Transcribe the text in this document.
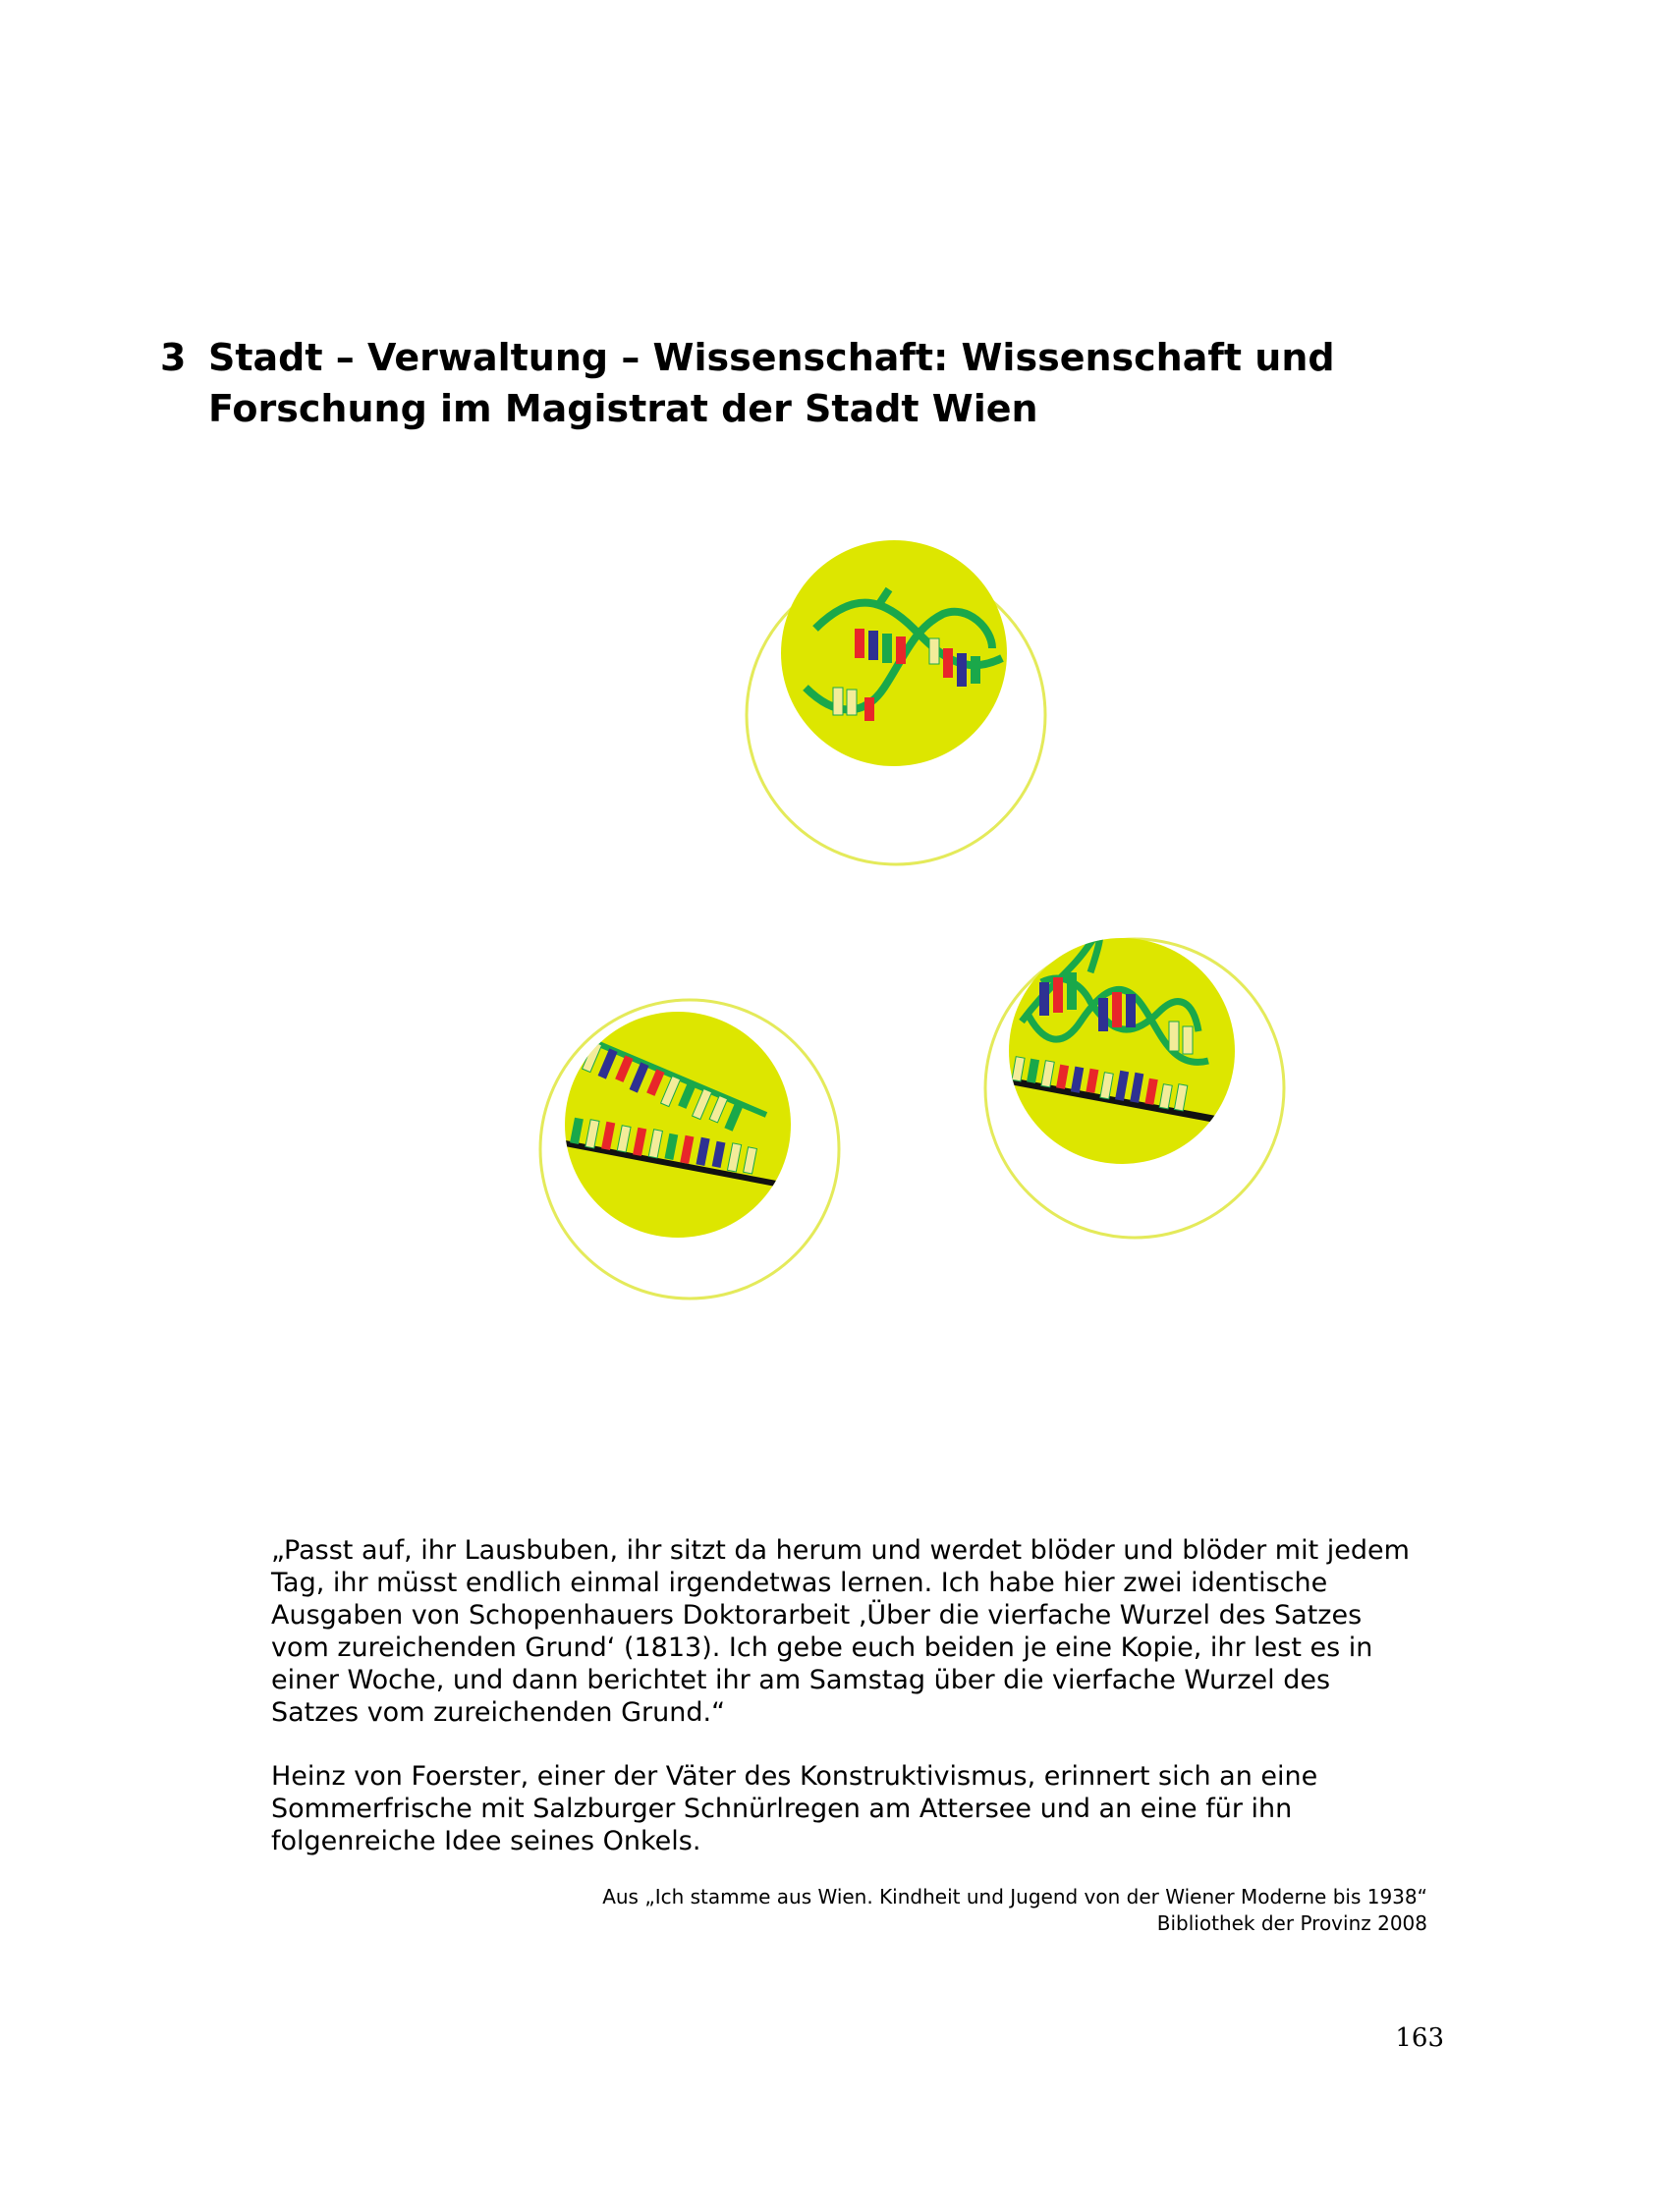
3 Stadt – Verwaltung – Wissenschaft: Wissenschaft und
Forschung im Magistrat der Stadt Wien
„Passt auf, ihr Lausbuben, ihr sitzt da herum und werdet blöder und blöder mit jedem
Tag, ihr müsst endlich einmal irgendetwas lernen. Ich habe hier zwei identische
Ausgaben von Schopenhauers Doktorarbeit ‚Über die vierfache Wurzel des Satzes
vom zureichenden Grund‘ (1813). Ich gebe euch beiden je eine Kopie, ihr lest es in
einer Woche, und dann berichtet ihr am Samstag über die vierfache Wurzel des
Satzes vom zureichenden Grund.“
Heinz von Foerster, einer der Väter des Konstruktivismus, erinnert sich an eine
Sommerfrische mit Salzburger Schnürlregen am Attersee und an eine für ihn
folgenreiche Idee seines Onkels.
Aus „Ich stamme aus Wien. Kindheit und Jugend von der Wiener Moderne bis 1938“
Bibliothek der Provinz 2008
163
